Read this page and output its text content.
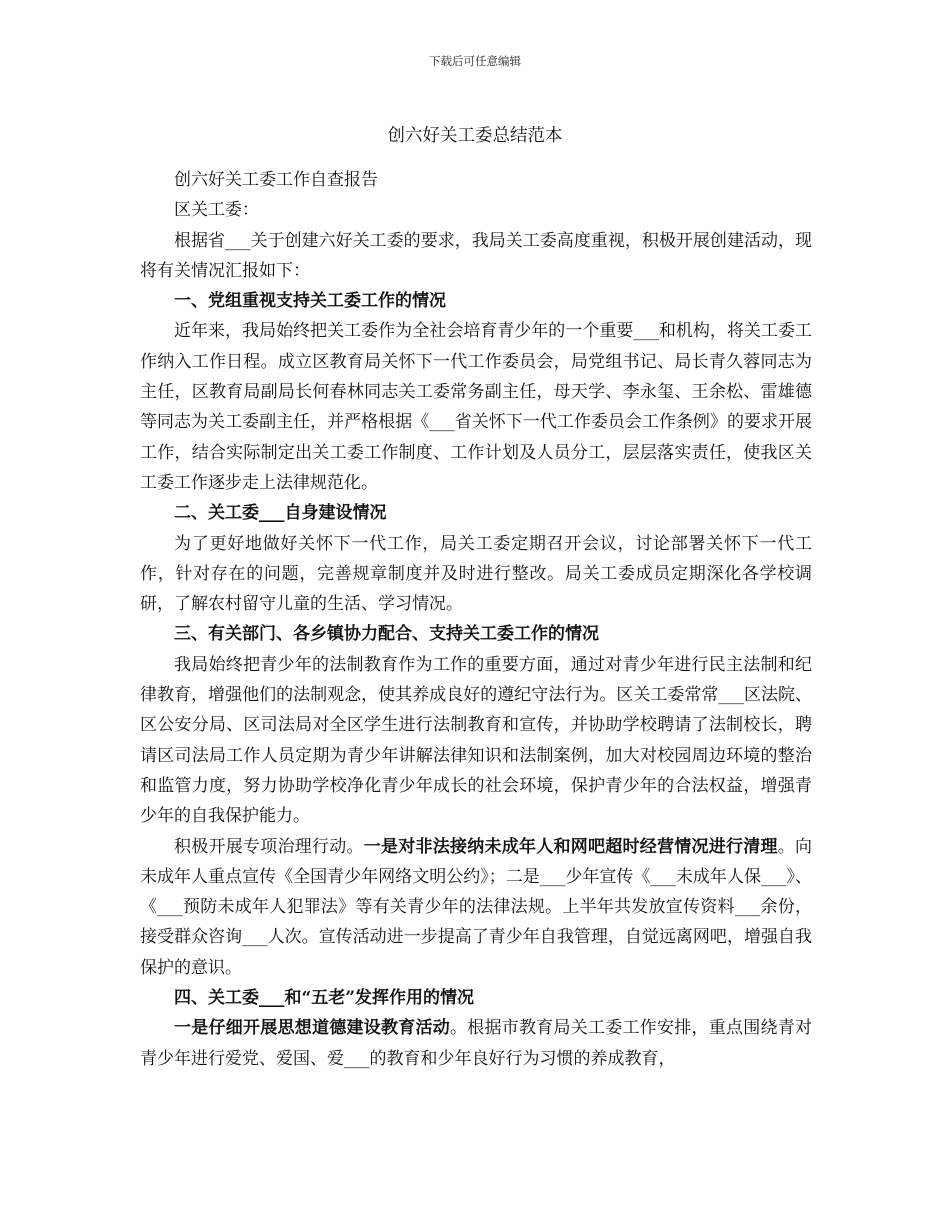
下载后可任意编辑
创六好关工委总结范本

创六好关工委工作自查报告

区关工委：

根据省___关于创建六好关工委的要求，我局关工委高度重视，积极开展创建活动，现将有关情况汇报如下：

一、党组重视支持关工委工作的情况

近年来，我局始终把关工委作为全社会培育青少年的一个重要___和机构，将关工委工作纳入工作日程。成立区教育局关怀下一代工作委员会，局党组书记、局长青久蓉同志为主任，区教育局副局长何春林同志关工委常务副主任，母天学、李永玺、王余松、雷雄德等同志为关工委副主任，并严格根据《___省关怀下一代工作委员会工作条例》的要求开展工作，结合实际制定出关工委工作制度、工作计划及人员分工，层层落实责任，使我区关工委工作逐步走上法律规范化。

二、关工委___自身建设情况

为了更好地做好关怀下一代工作，局关工委定期召开会议，讨论部署关怀下一代工作，针对存在的问题，完善规章制度并及时进行整改。局关工委成员定期深化各学校调研，了解农村留守儿童的生活、学习情况。

三、有关部门、各乡镇协力配合、支持关工委工作的情况

我局始终把青少年的法制教育作为工作的重要方面，通过对青少年进行民主法制和纪律教育，增强他们的法制观念，使其养成良好的遵纪守法行为。区关工委常常___区法院、区公安分局、区司法局对全区学生进行法制教育和宣传，并协助学校聘请了法制校长，聘请区司法局工作人员定期为青少年讲解法律知识和法制案例，加大对校园周边环境的整治和监管力度，努力协助学校净化青少年成长的社会环境，保护青少年的合法权益，增强青少年的自我保护能力。

积极开展专项治理行动。一是对非法接纳未成年人和网吧超时经营情况进行清理。向未成年人重点宣传《全国青少年网络文明公约》；二是___少年宣传《___未成年人保___》、《___预防未成年人犯罪法》等有关青少年的法律法规。上半年共发放宣传资料___余份，接受群众咨询___人次。宣传活动进一步提高了青少年自我管理，自觉远离网吧，增强自我保护的意识。

四、关工委___和“五老”发挥作用的情况

一是仔细开展思想道德建设教育活动。根据市教育局关工委工作安排，重点围绕青对青少年进行爱党、爱国、爱___的教育和少年良好行为习惯的养成教育，
